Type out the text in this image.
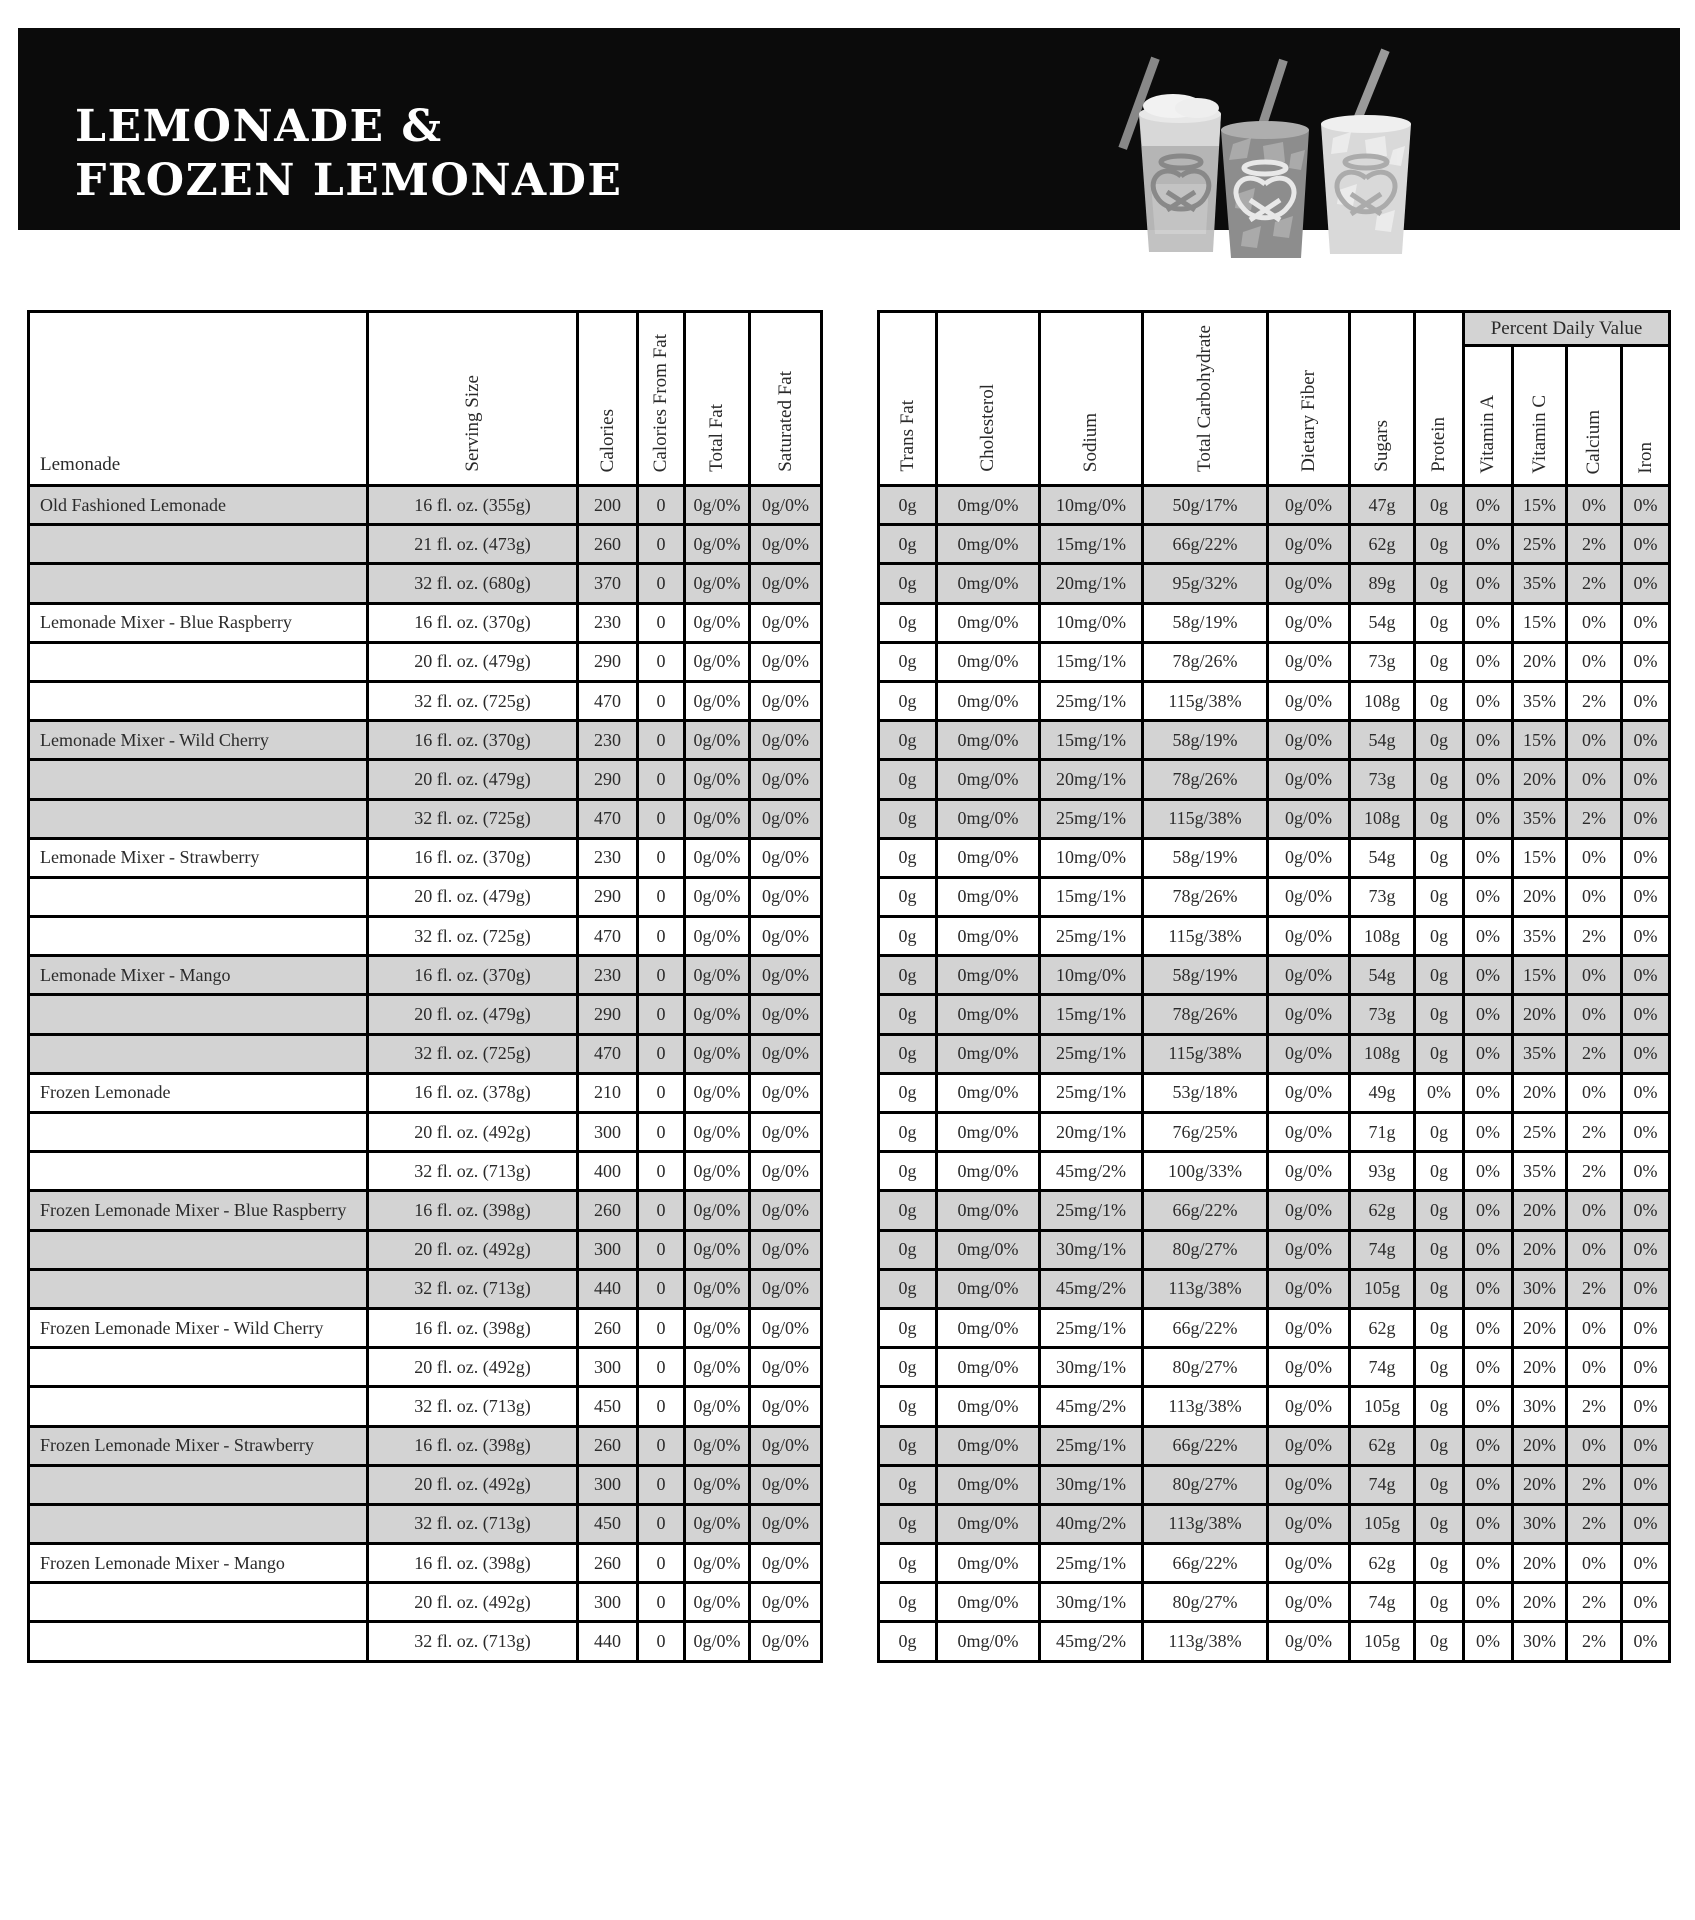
LEMONADE &
FROZEN LEMONADE
Lemonade	Serving Size	Calories	Calories From Fat	Total Fat	Saturated Fat

Old Fashioned Lemonade	16 fl. oz. (355g)	200	0	0g/0%	0g/0%
	21 fl. oz. (473g)	260	0	0g/0%	0g/0%
	32 fl. oz. (680g)	370	0	0g/0%	0g/0%
Lemonade Mixer - Blue Raspberry	16 fl. oz. (370g)	230	0	0g/0%	0g/0%
	20 fl. oz. (479g)	290	0	0g/0%	0g/0%
	32 fl. oz. (725g)	470	0	0g/0%	0g/0%
Lemonade Mixer - Wild Cherry	16 fl. oz. (370g)	230	0	0g/0%	0g/0%
	20 fl. oz. (479g)	290	0	0g/0%	0g/0%
	32 fl. oz. (725g)	470	0	0g/0%	0g/0%
Lemonade Mixer - Strawberry	16 fl. oz. (370g)	230	0	0g/0%	0g/0%
	20 fl. oz. (479g)	290	0	0g/0%	0g/0%
	32 fl. oz. (725g)	470	0	0g/0%	0g/0%
Lemonade Mixer - Mango	16 fl. oz. (370g)	230	0	0g/0%	0g/0%
	20 fl. oz. (479g)	290	0	0g/0%	0g/0%
	32 fl. oz. (725g)	470	0	0g/0%	0g/0%
Frozen Lemonade	16 fl. oz. (378g)	210	0	0g/0%	0g/0%
	20 fl. oz. (492g)	300	0	0g/0%	0g/0%
	32 fl. oz. (713g)	400	0	0g/0%	0g/0%
Frozen Lemonade Mixer - Blue Raspberry	16 fl. oz. (398g)	260	0	0g/0%	0g/0%
	20 fl. oz. (492g)	300	0	0g/0%	0g/0%
	32 fl. oz. (713g)	440	0	0g/0%	0g/0%
Frozen Lemonade Mixer - Wild Cherry	16 fl. oz. (398g)	260	0	0g/0%	0g/0%
	20 fl. oz. (492g)	300	0	0g/0%	0g/0%
	32 fl. oz. (713g)	450	0	0g/0%	0g/0%
Frozen Lemonade Mixer - Strawberry	16 fl. oz. (398g)	260	0	0g/0%	0g/0%
	20 fl. oz. (492g)	300	0	0g/0%	0g/0%
	32 fl. oz. (713g)	450	0	0g/0%	0g/0%
Frozen Lemonade Mixer - Mango	16 fl. oz. (398g)	260	0	0g/0%	0g/0%
	20 fl. oz. (492g)	300	0	0g/0%	0g/0%
	32 fl. oz. (713g)	440	0	0g/0%	0g/0%
Trans Fat	Cholesterol	Sodium	Total Carbohydrate	Dietary Fiber	Sugars	Protein	Percent Daily Value			

							Vitamin A	Vitamin C	Calcium	Iron

0g	0mg/0%	10mg/0%	50g/17%	0g/0%	47g	0g	0%	15%	0%	0%
0g	0mg/0%	15mg/1%	66g/22%	0g/0%	62g	0g	0%	25%	2%	0%
0g	0mg/0%	20mg/1%	95g/32%	0g/0%	89g	0g	0%	35%	2%	0%
0g	0mg/0%	10mg/0%	58g/19%	0g/0%	54g	0g	0%	15%	0%	0%
0g	0mg/0%	15mg/1%	78g/26%	0g/0%	73g	0g	0%	20%	0%	0%
0g	0mg/0%	25mg/1%	115g/38%	0g/0%	108g	0g	0%	35%	2%	0%
0g	0mg/0%	15mg/1%	58g/19%	0g/0%	54g	0g	0%	15%	0%	0%
0g	0mg/0%	20mg/1%	78g/26%	0g/0%	73g	0g	0%	20%	0%	0%
0g	0mg/0%	25mg/1%	115g/38%	0g/0%	108g	0g	0%	35%	2%	0%
0g	0mg/0%	10mg/0%	58g/19%	0g/0%	54g	0g	0%	15%	0%	0%
0g	0mg/0%	15mg/1%	78g/26%	0g/0%	73g	0g	0%	20%	0%	0%
0g	0mg/0%	25mg/1%	115g/38%	0g/0%	108g	0g	0%	35%	2%	0%
0g	0mg/0%	10mg/0%	58g/19%	0g/0%	54g	0g	0%	15%	0%	0%
0g	0mg/0%	15mg/1%	78g/26%	0g/0%	73g	0g	0%	20%	0%	0%
0g	0mg/0%	25mg/1%	115g/38%	0g/0%	108g	0g	0%	35%	2%	0%
0g	0mg/0%	25mg/1%	53g/18%	0g/0%	49g	0%	0%	20%	0%	0%
0g	0mg/0%	20mg/1%	76g/25%	0g/0%	71g	0g	0%	25%	2%	0%
0g	0mg/0%	45mg/2%	100g/33%	0g/0%	93g	0g	0%	35%	2%	0%
0g	0mg/0%	25mg/1%	66g/22%	0g/0%	62g	0g	0%	20%	0%	0%
0g	0mg/0%	30mg/1%	80g/27%	0g/0%	74g	0g	0%	20%	0%	0%
0g	0mg/0%	45mg/2%	113g/38%	0g/0%	105g	0g	0%	30%	2%	0%
0g	0mg/0%	25mg/1%	66g/22%	0g/0%	62g	0g	0%	20%	0%	0%
0g	0mg/0%	30mg/1%	80g/27%	0g/0%	74g	0g	0%	20%	0%	0%
0g	0mg/0%	45mg/2%	113g/38%	0g/0%	105g	0g	0%	30%	2%	0%
0g	0mg/0%	25mg/1%	66g/22%	0g/0%	62g	0g	0%	20%	0%	0%
0g	0mg/0%	30mg/1%	80g/27%	0g/0%	74g	0g	0%	20%	2%	0%
0g	0mg/0%	40mg/2%	113g/38%	0g/0%	105g	0g	0%	30%	2%	0%
0g	0mg/0%	25mg/1%	66g/22%	0g/0%	62g	0g	0%	20%	0%	0%
0g	0mg/0%	30mg/1%	80g/27%	0g/0%	74g	0g	0%	20%	2%	0%
0g	0mg/0%	45mg/2%	113g/38%	0g/0%	105g	0g	0%	30%	2%	0%
